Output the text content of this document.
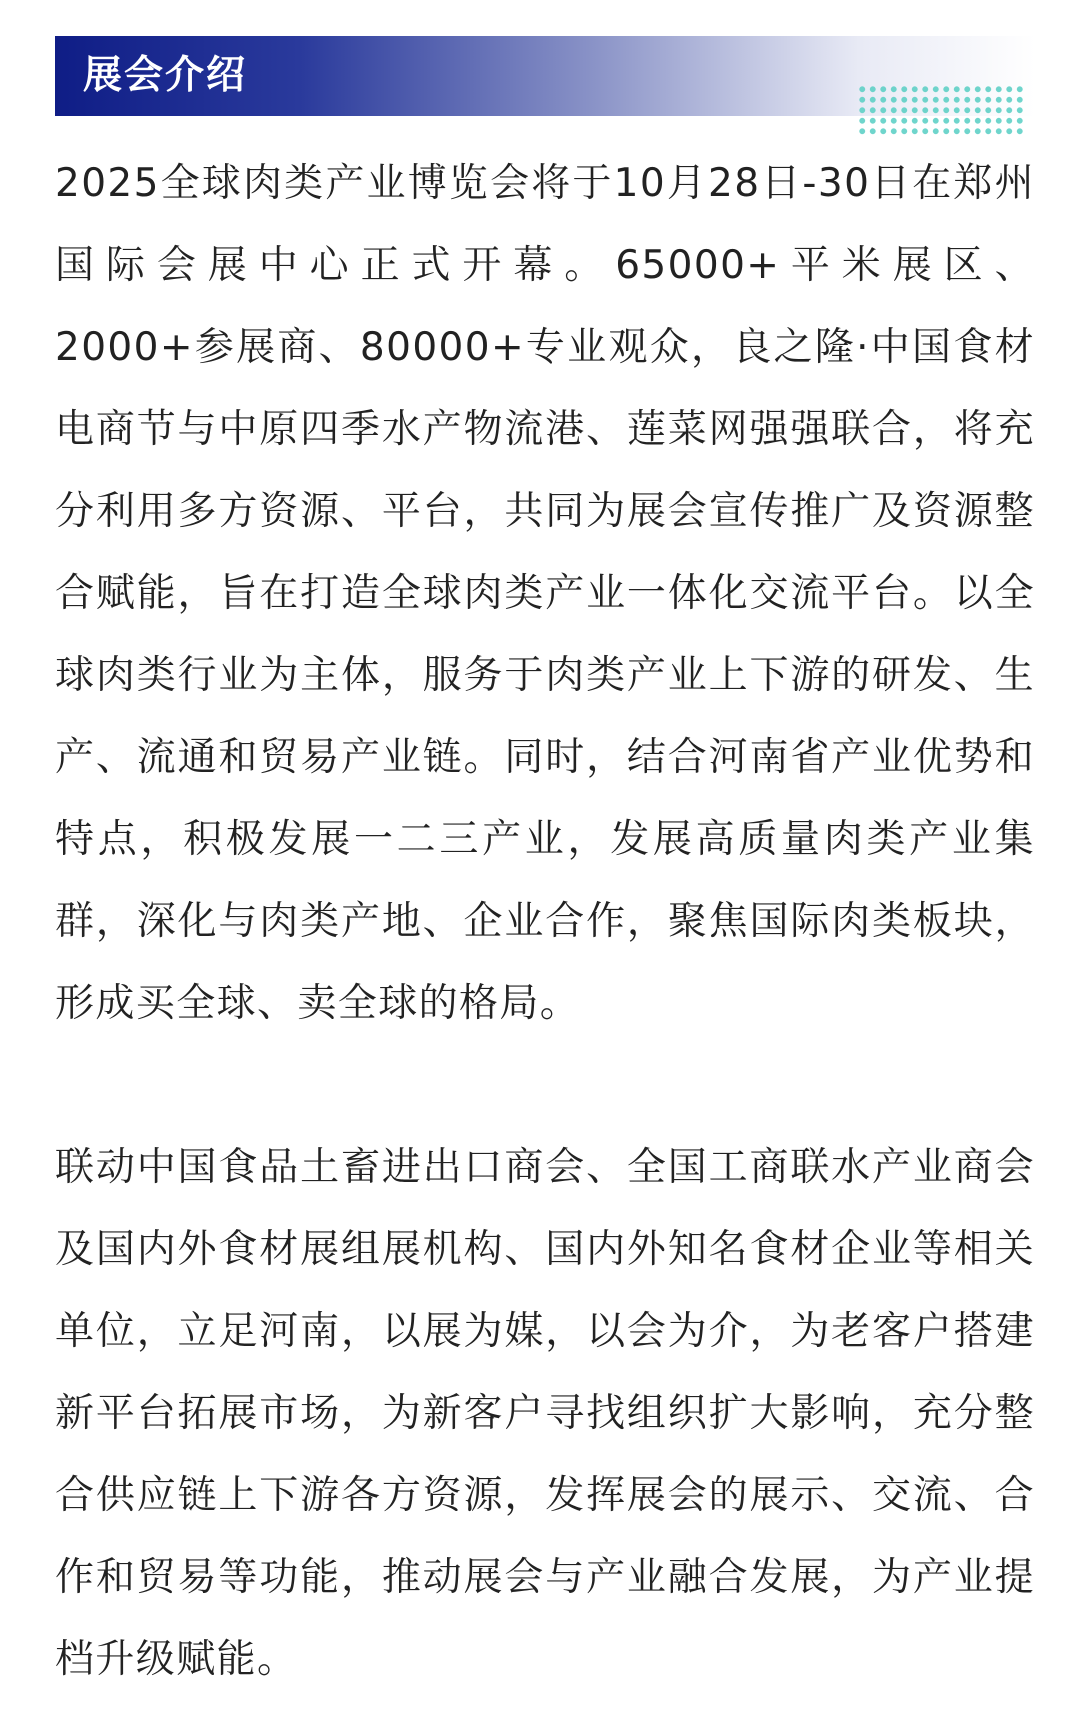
展会介绍

2025全球肉类产业博览会将于10月28日-30日在郑州国际会展中心正式开幕。65000+平米展区、2000+参展商、80000+专业观众，良之隆·中国食材电商节与中原四季水产物流港、莲菜网强强联合，将充分利用多方资源、平台，共同为展会宣传推广及资源整合赋能，旨在打造全球肉类产业一体化交流平台。以全球肉类行业为主体，服务于肉类产业上下游的研发、生产、流通和贸易产业链。同时，结合河南省产业优势和特点，积极发展一二三产业，发展高质量肉类产业集群，深化与肉类产地、企业合作，聚焦国际肉类板块，形成买全球、卖全球的格局。

联动中国食品土畜进出口商会、全国工商联水产业商会及国内外食材展组展机构、国内外知名食材企业等相关单位，立足河南，以展为媒，以会为介，为老客户搭建新平台拓展市场，为新客户寻找组织扩大影响，充分整合供应链上下游各方资源，发挥展会的展示、交流、合作和贸易等功能，推动展会与产业融合发展，为产业提档升级赋能。
